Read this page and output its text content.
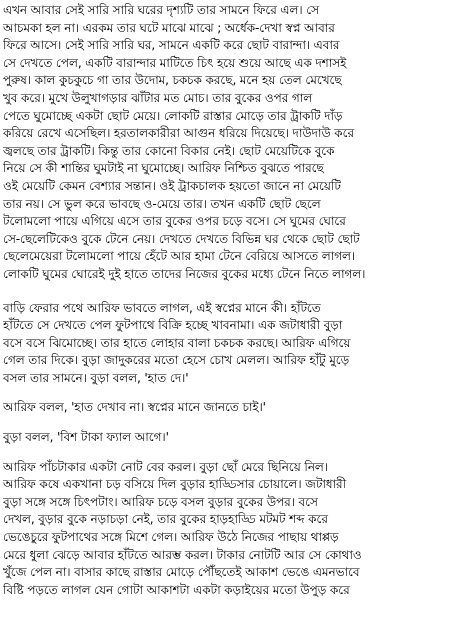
এখন আবার সেই সারি সারি ঘরের দৃশ্যটি তার সামনে ফিরে এল। সে
আচমকা হল না। এরকম তার ঘটে মাঝে মাঝে ; অর্ধেক-দেখা স্বপ্ন আবার
ফিরে আসে। সেই সারি সারি ঘর, সামনে একটি করে ছোট বারান্দা। এবার
সে দেখতে পেল, একটি বারান্দার মাটিতে চিৎ হয়ে শুয়ে আছে এক দশাসই
পুরুষ। কাল কুচকুচে গা তার উদোম, চকচক করছে, মনে হয় তেল মেখেছে
খুব করে। মুখে উলুখাগড়ার ঝাঁটার মত মোচ। তার বুকের ওপর গাল
পেতে ঘুমোচ্ছে একটা ছোট মেয়ে। লোকটি রাস্তার মোড়ে তার ট্রাকটি দাঁড়
করিয়ে রেখে এসেছিল। হরতালকারীরা আগুন ধরিয়ে দিয়েছে। দাউদাউ করে
জ্বলছে তার ট্রাকটি। কিন্তু তার কোনো বিকার নেই। ছোট মেয়েটিকে বুকে
নিয়ে সে কী শান্তির ঘুমটাই না ঘুমোচ্ছে। আরিফ নিশ্চিত বুঝতে পারছে
ওই মেয়েটি কেমন বেশ্যার সন্তান। ওই ট্রাকচালক হয়তো জানে না মেয়েটি
তার নয়। সে ভুল করে ভাবছে ও-মেয়ে তার। তখন একটি ছোট ছেলে
টলোমলো পায়ে এগিয়ে এসে তার বুকের ওপর চড়ে বসে। সে ঘুমের ঘোরে
সে-ছেলেটিকেও বুকে টেনে নেয়। দেখতে দেখতে বিভিন্ন ঘর থেকে ছোট ছোট
ছেলেমেয়েরা টলোমলো পায়ে হেঁটে আর হামা টেনে বেরিয়ে আসতে লাগল।
লোকটি ঘুমের ঘোরেই দুই হাতে তাদের নিজের বুকের মধ্যে টেনে নিতে লাগল।
বাড়ি ফেরার পথে আরিফ ভাবতে লাগল, এই স্বপ্নের মানে কী। হাঁটতে
হাঁটতে সে দেখতে পেল ফুটপাথে বিক্রি হচ্ছে খাবনামা। এক জটাধারী বুড়া
বসে বসে ঝিমোচ্ছে। তার হাতে লোহার বালা চকচক করছে। আরিফ এগিয়ে
গেল তার দিকে। বুড়া জাদুকরের মতো হেসে চোখ মেলল। আরিফ হাঁটু মুড়ে
বসল তার সামনে। বুড়া বলল, 'হাত দে।'
আরিফ বলল, 'হাত দেখাব না। স্বপ্নের মানে জানতে চাই।'
বুড়া বলল, 'বিশ টাকা ফ্যাল আগে।'
আরিফ পাঁচটাকার একটা নোট বের করল। বুড়া ছোঁ মেরে ছিনিয়ে নিল।
আরিফ কষে একখানা চড় বসিয়ে দিল বুড়ার হাড্ডিসার চোয়ালে। জটাধারী
বুড়া সঙ্গে সঙ্গে চিৎপটাং। আরিফ চড়ে বসল বুড়ার বুকের উপর। বসে
দেখল, বুড়ার বুকে নড়াচড়া নেই, তার বুকের হাড়হাড্ডি মটমট শব্দ করে
ভেঙেচুরে ফুটপাথের সঙ্গে মিশে গেল। আরিফ উঠে নিজের পাছায় থাপ্পড়
মেরে ধুলা ঝেড়ে আবার হাঁটতে আরম্ভ করল। টাকার নোটটি আর সে কোথাও
খুঁজে পেল না। বাসার কাছে রাস্তার মোড়ে পৌঁছতেই আকাশ ভেঙে এমনভাবে
বিষ্টি পড়তে লাগল যেন গোটা আকাশটা একটা কড়াইয়ের মতো উপুড় করে
